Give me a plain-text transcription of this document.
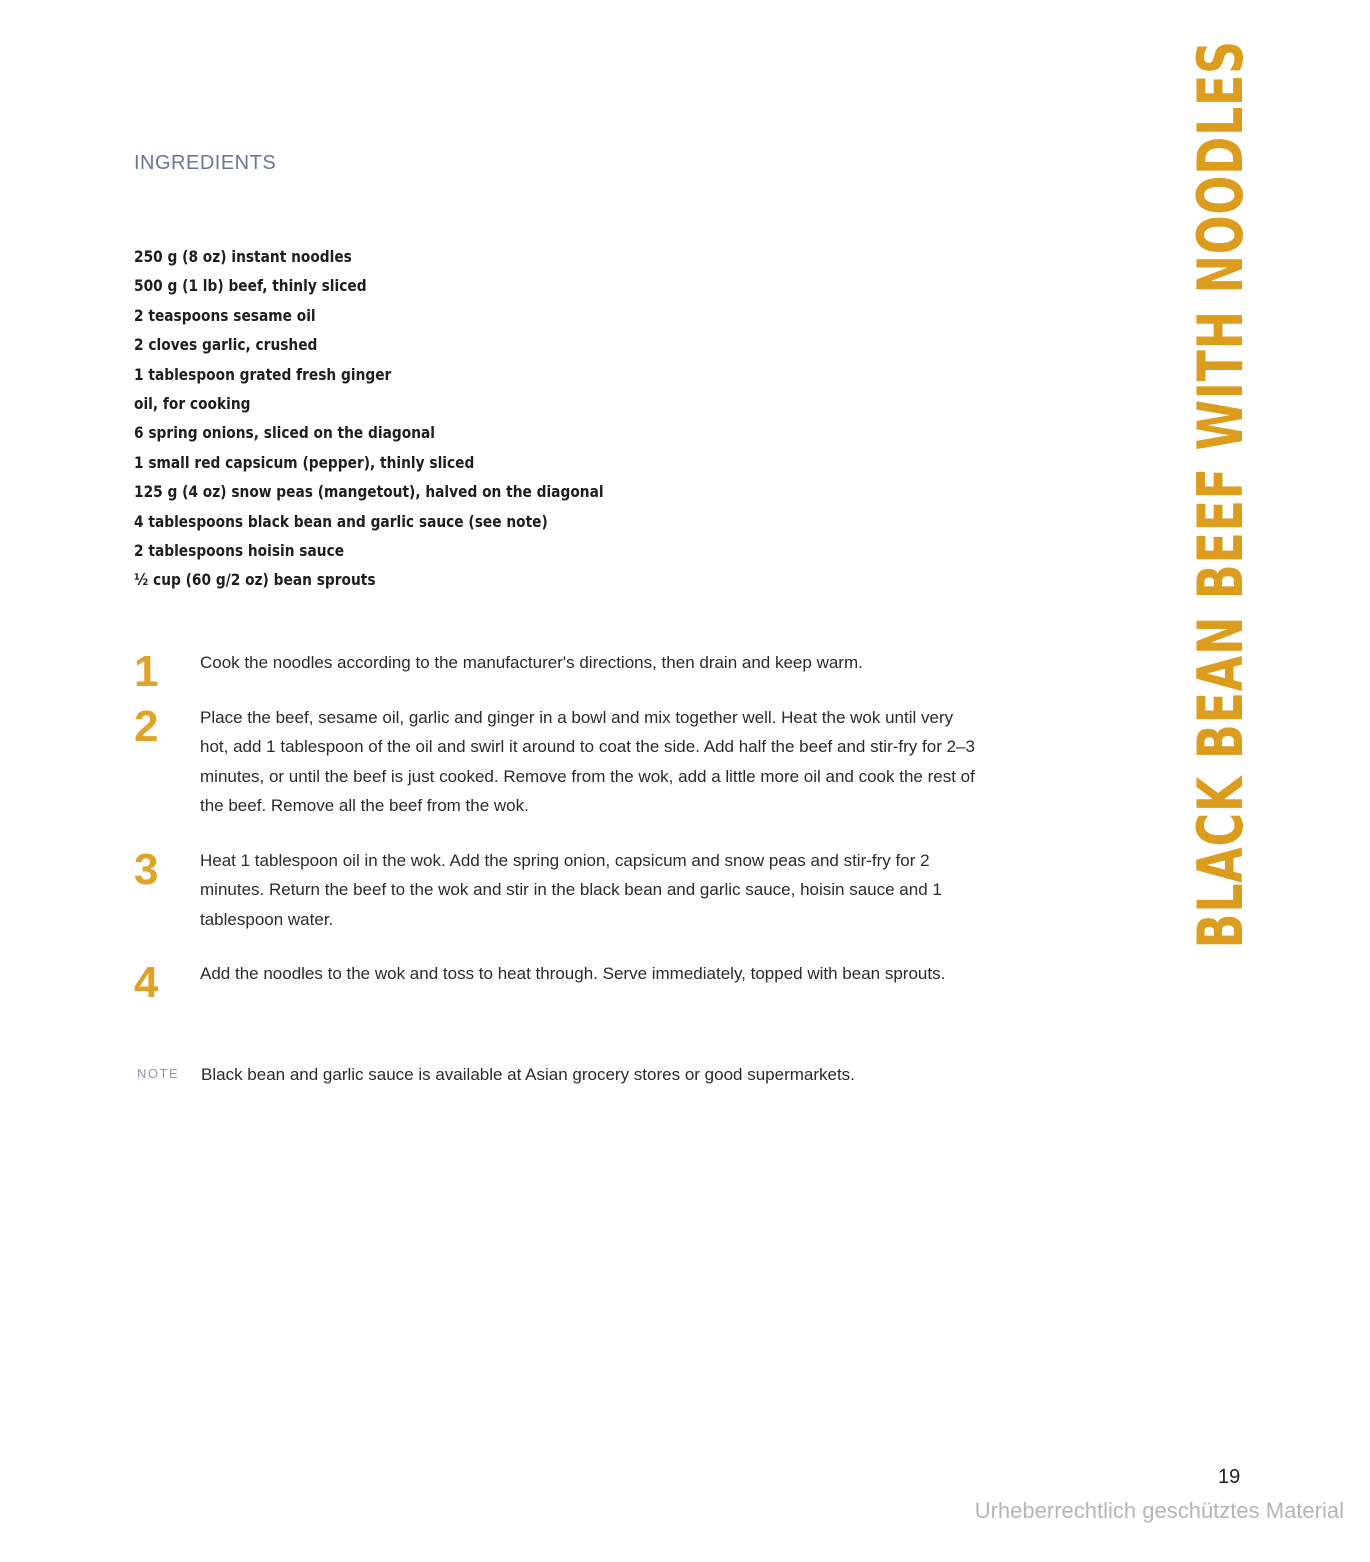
INGREDIENTS
250 g (8 oz) instant noodles
500 g (1 lb) beef, thinly sliced
2 teaspoons sesame oil
2 cloves garlic, crushed
1 tablespoon grated fresh ginger
oil, for cooking
6 spring onions, sliced on the diagonal
1 small red capsicum (pepper), thinly sliced
125 g (4 oz) snow peas (mangetout), halved on the diagonal
4 tablespoons black bean and garlic sauce (see note)
2 tablespoons hoisin sauce
½ cup (60 g/2 oz) bean sprouts
1	Cook the noodles according to the manufacturer's directions, then drain and keep warm.
2	Place the beef, sesame oil, garlic and ginger in a bowl and mix together well. Heat the wok until very hot, add 1 tablespoon of the oil and swirl it around to coat the side. Add half the beef and stir-fry for 2–3 minutes, or until the beef is just cooked. Remove from the wok, add a little more oil and cook the rest of the beef. Remove all the beef from the wok.
3	Heat 1 tablespoon oil in the wok. Add the spring onion, capsicum and snow peas and stir-fry for 2 minutes. Return the beef to the wok and stir in the black bean and garlic sauce, hoisin sauce and 1 tablespoon water.
4	Add the noodles to the wok and toss to heat through. Serve immediately, topped with bean sprouts.
NOTE Black bean and garlic sauce is available at Asian grocery stores or good supermarkets.
BLACK BEAN BEEF WITH NOODLES
19
Urheberrechtlich geschütztes Material
